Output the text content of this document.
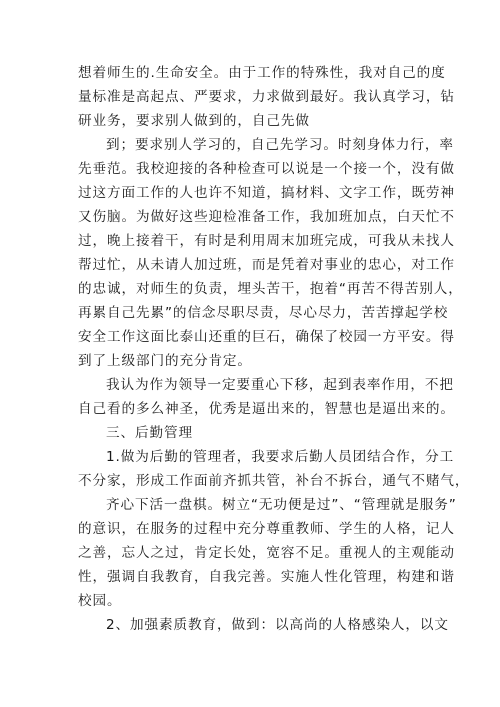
想着师生的.生命安全。由于工作的特殊性，我对自己的度
量标准是高起点、严要求，力求做到最好。我认真学习，钻
研业务，要求别人做到的，自己先做
到；要求别人学习的，自己先学习。时刻身体力行，率
先垂范。我校迎接的各种检查可以说是一个接一个，没有做
过这方面工作的人也许不知道，搞材料、文字工作，既劳神
又伤脑。为做好这些迎检准备工作，我加班加点，白天忙不
过，晚上接着干，有时是利用周末加班完成，可我从未找人
帮过忙，从未请人加过班，而是凭着对事业的忠心，对工作
的忠诚，对师生的负责，埋头苦干，抱着“再苦不得苦别人，
再累自己先累”的信念尽职尽责，尽心尽力，苦苦撑起学校
安全工作这面比泰山还重的巨石，确保了校园一方平安。得
到了上级部门的充分肯定。
我认为作为领导一定要重心下移，起到表率作用，不把
自己看的多么神圣，优秀是逼出来的，智慧也是逼出来的。
三、后勤管理
1.做为后勤的管理者，我要求后勤人员团结合作，分工
不分家，形成工作面前齐抓共管，补台不拆台，通气不赌气，
齐心下活一盘棋。树立“无功便是过”、“管理就是服务”
的意识，在服务的过程中充分尊重教师、学生的人格，记人
之善，忘人之过，肯定长处，宽容不足。重视人的主观能动
性，强调自我教育，自我完善。实施人性化管理，构建和谐
校园。
2、加强素质教育，做到：以高尚的人格感染人，以文
